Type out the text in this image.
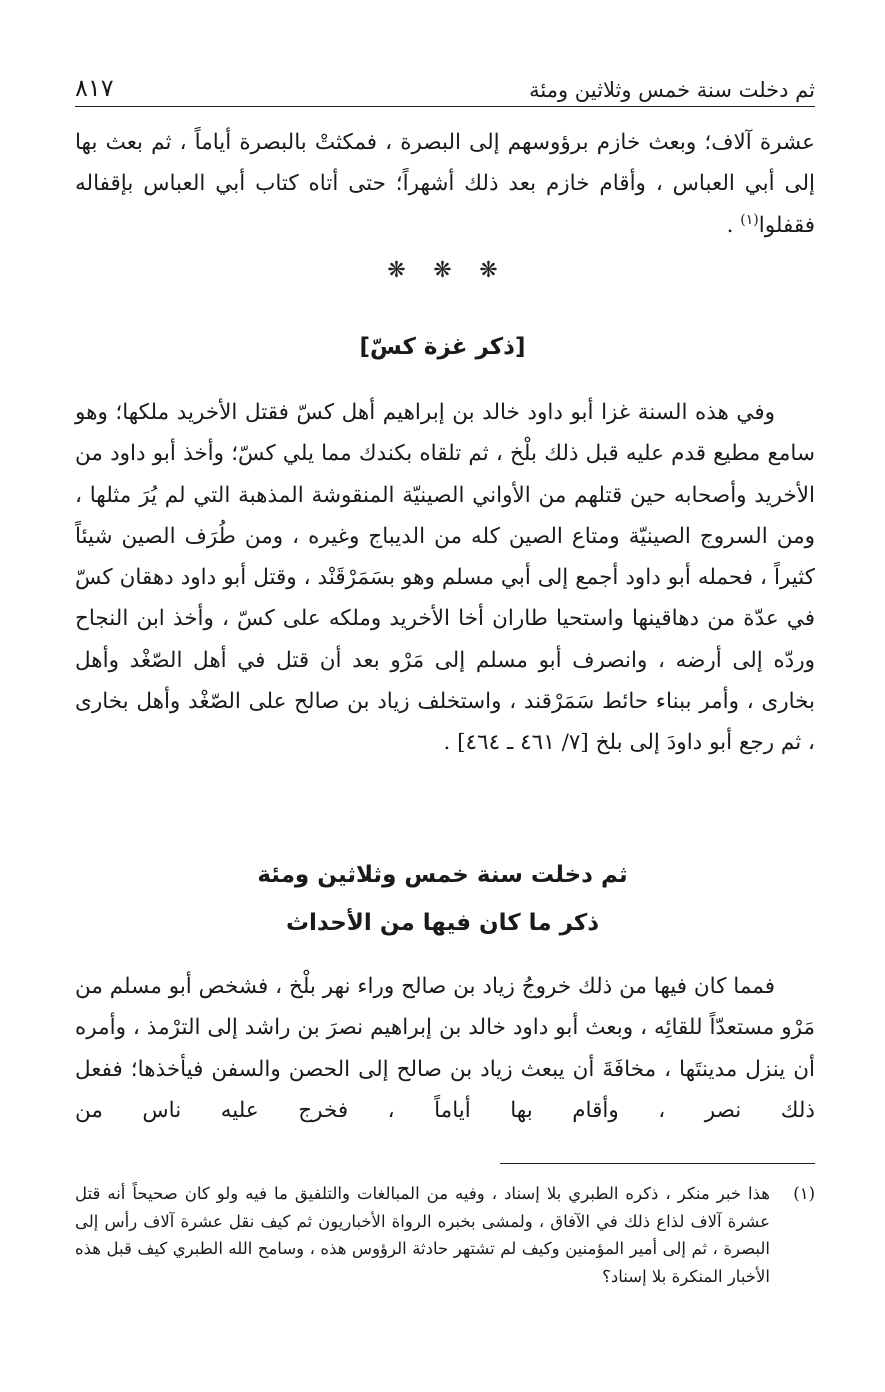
ثم دخلت سنة خمس وثلاثين ومئة
٨١٧

عشرة آلاف؛ وبعث خازم برؤوسهم إلى البصرة ، فمكثتْ بالبصرة أياماً ، ثم بعث بها إلى أبي العباس ، وأقام خازم بعد ذلك أشهراً؛ حتى أتاه كتاب أبي العباس بإقفاله فقفلوا$^{(١)}$ .

❋ ❋ ❋
[ذكر غزة كسّ]

وفي هذه السنة غزا أبو داود خالد بن إبراهيم أهل كسّ فقتل الأخريد ملكها؛ وهو سامع مطيع قدم عليه قبل ذلك بلْخ ، ثم تلقاه بكندك مما يلي كسّ؛ وأخذ أبو داود من الأخريد وأصحابه حين قتلهم من الأواني الصينيّة المنقوشة المذهبة التي لم يُرَ مثلها ، ومن السروج الصينيّة ومتاع الصين كله من الديباج وغيره ، ومن طُرَف الصين شيئاً كثيراً ، فحمله أبو داود أجمع إلى أبي مسلم وهو بسَمَرْقَنْد ، وقتل أبو داود دهقان كسّ في عدّة من دهاقينها واستحيا طاران أخا الأخريد وملكه على كسّ ، وأخذ ابن النجاح وردّه إلى أرضه ، وانصرف أبو مسلم إلى مَرْو بعد أن قتل في أهل الصّغْد وأهل بخارى ، وأمر ببناء حائط سَمَرْقند ، واستخلف زياد بن صالح على الصّغْد وأهل بخارى ، ثم رجع أبو داودَ إلى بلخ [٧/ ٤٦١ ـ ٤٦٤] .

ثم دخلت سنة خمس وثلاثين ومئة
ذكر ما كان فيها من الأحداث

فمما كان فيها من ذلك خروجُ زياد بن صالح وراء نهر بلْخ ، فشخص أبو مسلم من مَرْو مستعدّاً للقائِه ، وبعث أبو داود خالد بن إبراهيم نصرَ بن راشد إلى الترْمذ ، وأمره أن ينزل مدينتَها ، مخافَةَ أن يبعث زياد بن صالح إلى الحصن والسفن فيأخذها؛ ففعل ذلك نصر ، وأقام بها أياماً ، فخرج عليه ناس من

(١)
هذا خبر منكر ، ذكره الطبري بلا إسناد ، وفيه من المبالغات والتلفيق ما فيه ولو كان صحيحاً أنه قتل عشرة آلاف لذاع ذلك في الآفاق ، ولمشى بخبره الرواة الأخباريون ثم كيف نقل عشرة آلاف رأس إلى البصرة ، ثم إلى أمير المؤمنين وكيف لم تشتهر حادثة الرؤوس هذه ، وسامح الله الطبري كيف قبل هذه الأخبار المنكرة بلا إسناد؟
